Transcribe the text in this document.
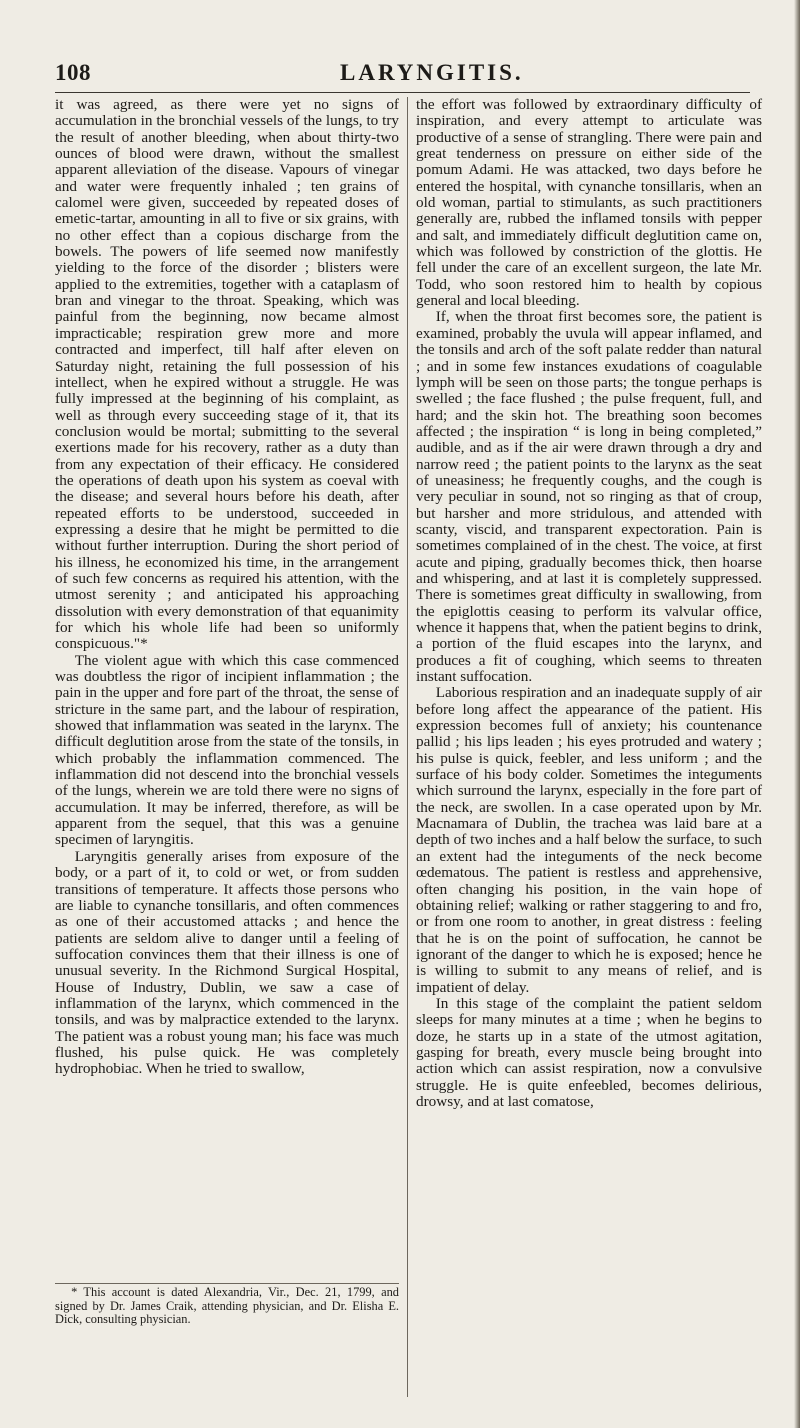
108	LARYNGITIS.

it was agreed, as there were yet no signs of accumulation in the bronchial vessels of the lungs, to try the result of another bleeding, when about thirty-two ounces of blood were drawn, without the smallest apparent alleviation of the disease. Vapours of vinegar and water were frequently inhaled ; ten grains of calomel were given, succeeded by repeated doses of emetic-tartar, amounting in all to five or six grains, with no other effect than a copious discharge from the bowels. The powers of life seemed now manifestly yielding to the force of the disorder ; blisters were applied to the extremities, together with a cataplasm of bran and vinegar to the throat. Speaking, which was painful from the beginning, now became almost impracticable; respiration grew more and more contracted and imperfect, till half after eleven on Saturday night, retaining the full possession of his intellect, when he expired without a struggle. He was fully impressed at the beginning of his complaint, as well as through every succeeding stage of it, that its conclusion would be mortal; submitting to the several exertions made for his recovery, rather as a duty than from any expectation of their efficacy. He considered the operations of death upon his system as coeval with the disease; and several hours before his death, after repeated efforts to be understood, succeeded in expressing a desire that he might be permitted to die without further interruption. During the short period of his illness, he economized his time, in the arrangement of such few concerns as required his attention, with the utmost serenity ; and anticipated his approaching dissolution with every demonstration of that equanimity for which his whole life had been so uniformly conspicuous."*

The violent ague with which this case commenced was doubtless the rigor of incipient inflammation ; the pain in the upper and fore part of the throat, the sense of stricture in the same part, and the labour of respiration, showed that inflammation was seated in the larynx. The difficult deglutition arose from the state of the tonsils, in which probably the inflammation commenced. The inflammation did not descend into the bronchial vessels of the lungs, wherein we are told there were no signs of accumulation. It may be inferred, therefore, as will be apparent from the sequel, that this was a genuine specimen of laryngitis.

Laryngitis generally arises from exposure of the body, or a part of it, to cold or wet, or from sudden transitions of temperature. It affects those persons who are liable to cynanche tonsillaris, and often commences as one of their accustomed attacks ; and hence the patients are seldom alive to danger until a feeling of suffocation convinces them that their illness is one of unusual severity. In the Richmond Surgical Hospital, House of Industry, Dublin, we saw a case of inflammation of the larynx, which commenced in the tonsils, and was by malpractice extended to the larynx. The patient was a robust young man; his face was much flushed, his pulse quick. He was completely hydrophobiac. When he tried to swallow,

the effort was followed by extraordinary difficulty of inspiration, and every attempt to articulate was productive of a sense of strangling. There were pain and great tenderness on pressure on either side of the pomum Adami. He was attacked, two days before he entered the hospital, with cynanche tonsillaris, when an old woman, partial to stimulants, as such practitioners generally are, rubbed the inflamed tonsils with pepper and salt, and immediately difficult deglutition came on, which was followed by constriction of the glottis. He fell under the care of an excellent surgeon, the late Mr. Todd, who soon restored him to health by copious general and local bleeding.

If, when the throat first becomes sore, the patient is examined, probably the uvula will appear inflamed, and the tonsils and arch of the soft palate redder than natural ; and in some few instances exudations of coagulable lymph will be seen on those parts; the tongue perhaps is swelled ; the face flushed ; the pulse frequent, full, and hard; and the skin hot. The breathing soon becomes affected ; the inspiration “ is long in being completed,” audible, and as if the air were drawn through a dry and narrow reed ; the patient points to the larynx as the seat of uneasiness; he frequently coughs, and the cough is very peculiar in sound, not so ringing as that of croup, but harsher and more stridulous, and attended with scanty, viscid, and transparent expectoration. Pain is sometimes complained of in the chest. The voice, at first acute and piping, gradually becomes thick, then hoarse and whispering, and at last it is completely suppressed. There is sometimes great difficulty in swallowing, from the epiglottis ceasing to perform its valvular office, whence it happens that, when the patient begins to drink, a portion of the fluid escapes into the larynx, and produces a fit of coughing, which seems to threaten instant suffocation.

Laborious respiration and an inadequate supply of air before long affect the appearance of the patient. His expression becomes full of anxiety; his countenance pallid ; his lips leaden ; his eyes protruded and watery ; his pulse is quick, feebler, and less uniform ; and the surface of his body colder. Sometimes the integuments which surround the larynx, especially in the fore part of the neck, are swollen. In a case operated upon by Mr. Macnamara of Dublin, the trachea was laid bare at a depth of two inches and a half below the surface, to such an extent had the integuments of the neck become œdematous. The patient is restless and apprehensive, often changing his position, in the vain hope of obtaining relief; walking or rather staggering to and fro, or from one room to another, in great distress : feeling that he is on the point of suffocation, he cannot be ignorant of the danger to which he is exposed; hence he is willing to submit to any means of relief, and is impatient of delay.

In this stage of the complaint the patient seldom sleeps for many minutes at a time ; when he begins to doze, he starts up in a state of the utmost agitation, gasping for breath, every muscle being brought into action which can assist respiration, now a convulsive struggle. He is quite enfeebled, becomes delirious, drowsy, and at last comatose,

* This account is dated Alexandria, Vir., Dec. 21, 1799, and signed by Dr. James Craik, attending physician, and Dr. Elisha E. Dick, consulting physician.
